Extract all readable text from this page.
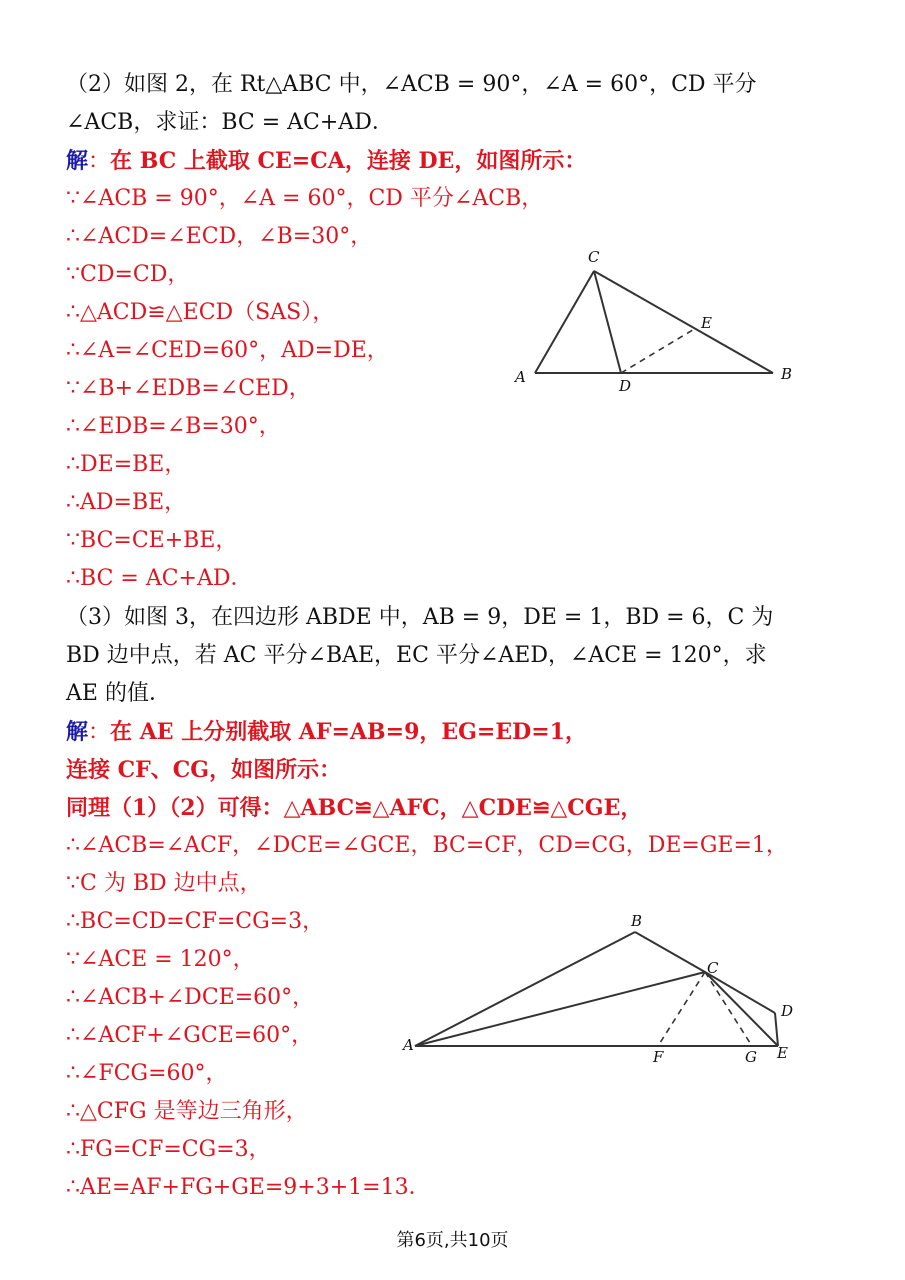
（2）如图 2，在 Rt△ABC 中，∠ACB = 90°，∠A = 60°，CD 平分
∠ACB，求证：BC = AC+AD．
解：在 BC 上截取 CE=CA，连接 DE，如图所示：
∵∠ACB = 90°，∠A = 60°，CD 平分∠ACB，
∴∠ACD=∠ECD，∠B=30°，
∵CD=CD，
∴△ACD≌△ECD（SAS），
∴∠A=∠CED=60°，AD=DE，
∵∠B+∠EDB=∠CED，
∴∠EDB=∠B=30°，
∴DE=BE，
∴AD=BE，
∵BC=CE+BE，
∴BC = AC+AD．
C
A	B
D
E
（3）如图 3，在四边形 ABDE 中，AB = 9，DE = 1，BD = 6，C 为
BD 边中点，若 AC 平分∠BAE，EC 平分∠AED，∠ACE = 120°，求
AE 的值．
解：在 AE 上分别截取 AF=AB=9，EG=ED=1，
连接 CF、CG，如图所示：
同理（1）（2）可得：△ABC≌△AFC，△CDE≌△CGE，
∴∠ACB=∠ACF，∠DCE=∠GCE，BC=CF，CD=CG，DE=GE=1，
∵C 为 BD 边中点，
∴BC=CD=CF=CG=3，
∵∠ACE = 120°，
∴∠ACB+∠DCE=60°，
∴∠ACF+∠GCE=60°，
∴∠FCG=60°，
∴△CFG 是等边三角形，
∴FG=CF=CG=3，
∴AE=AF+FG+GE=9+3+1=13．
A
B
C
D
E
F	G
第6页,共10页
